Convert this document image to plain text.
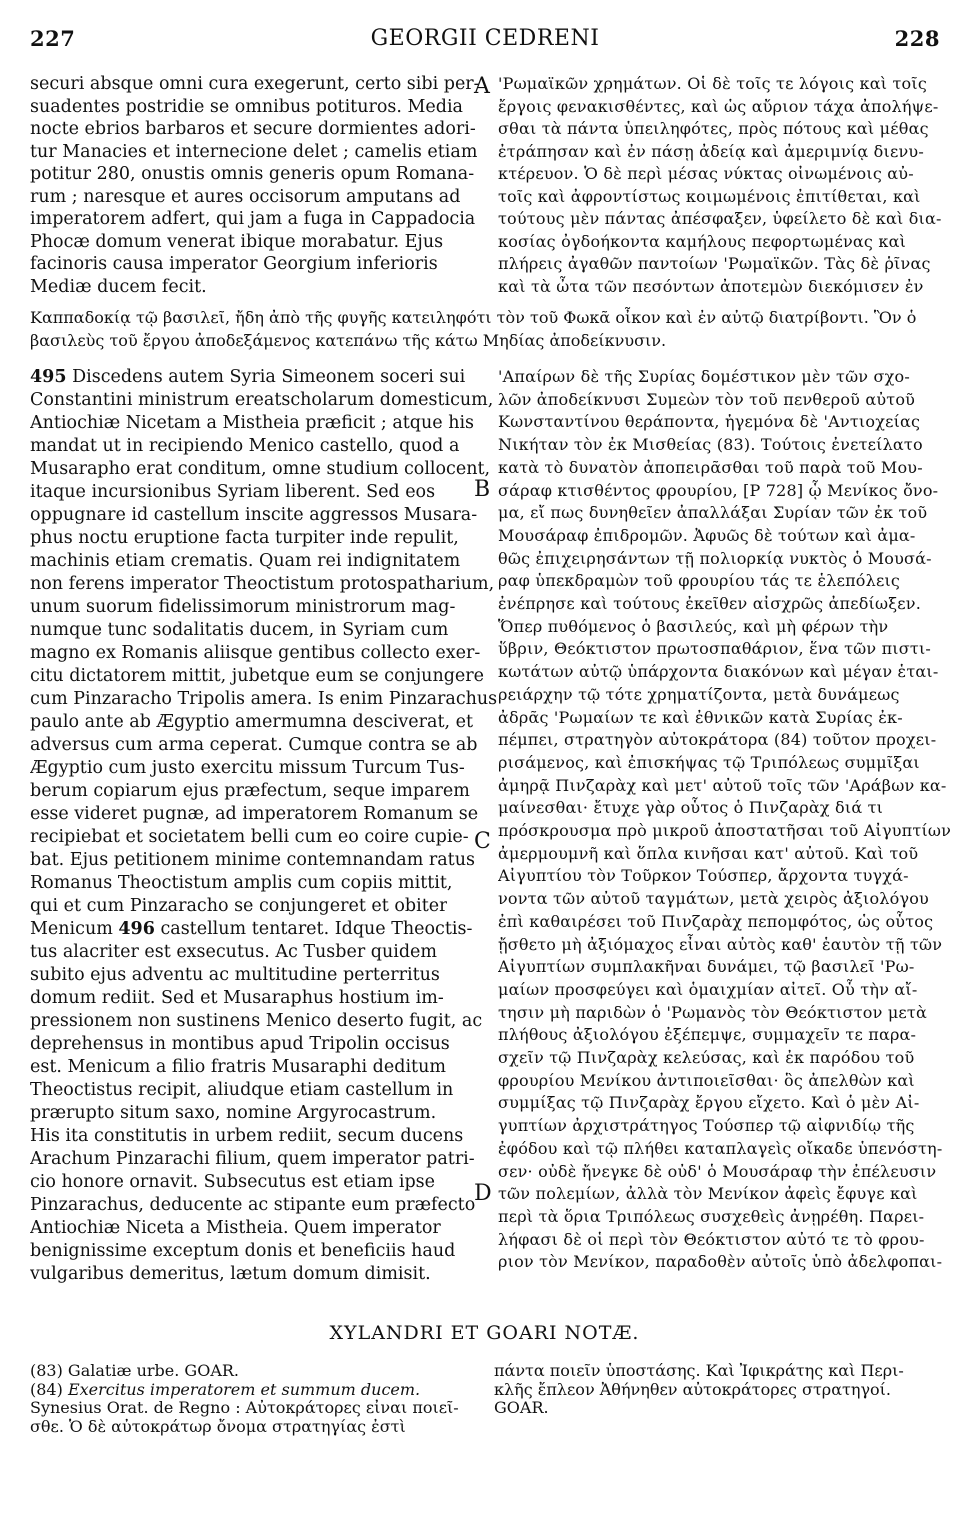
227	GEORGII CEDRENI	228
securi absque omni cura exegerunt, certo sibi per-
suadentes postridie se omnibus potituros. Media
nocte ebrios barbaros et secure dormientes adori-
tur Manacies et internecione delet ; camelis etiam
potitur 280, onustis omnis generis opum Romana-
rum ; naresque et aures occisorum amputans ad
imperatorem adfert, qui jam a fuga in Cappadocia
Phocæ domum venerat ibique morabatur. Ejus
facinoris causa imperator Georgium inferioris
Mediæ ducem fecit.
A 'Ρωμαϊκῶν χρημάτων. Οἱ δὲ τοῖς τε λόγοις καὶ τοῖς
ἔργοις φενακισθέντες, καὶ ὡς αὔριον τάχα ἀπολήψε-
σθαι τὰ πάντα ὑπειληφότες, πρὸς πότους καὶ μέθας
ἐτράπησαν καὶ ἐν πάσῃ ἀδείᾳ καὶ ἀμεριμνίᾳ διενυ-
κτέρευον. Ὁ δὲ περὶ μέσας νύκτας οἰνωμένοις αὐ-
τοῖς καὶ ἀφροντίστως κοιμωμένοις ἐπιτίθεται, καὶ
τούτους μὲν πάντας ἀπέσφαξεν, ὑφείλετο δὲ καὶ δια-
κοσίας ὀγδοήκοντα καμήλους πεφορτωμένας καὶ
πλήρεις ἀγαθῶν παντοίων 'Ρωμαϊκῶν. Τὰς δὲ ῥῖνας
καὶ τὰ ὦτα τῶν πεσόντων ἀποτεμὼν διεκόμισεν ἐν
Καππαδοκίᾳ τῷ βασιλεῖ, ἤδη ἀπὸ τῆς φυγῆς κατειληφότι τὸν τοῦ Φωκᾶ οἶκον καὶ ἐν αὐτῷ διατρίβοντι. Ὃν ὁ
βασιλεὺς τοῦ ἔργου ἀποδεξάμενος κατεπάνω τῆς κάτω Μηδίας ἀποδείκνυσιν.
495 Discedens autem Syria Simeonem soceri sui
Constantini ministrum ereatscholarum domesticum,
Antiochiæ Nicetam a Mistheia præficit ; atque his
mandat ut in recipiendo Menico castello, quod a
Musarapho erat conditum, omne studium collocent,
itaque incursionibus Syriam liberent. Sed eos
oppugnare id castellum inscite aggressos Musara-
phus noctu eruptione facta turpiter inde repulit,
machinis etiam crematis. Quam rei indignitatem
non ferens imperator Theoctistum protospatharium,
unum suorum fidelissimorum ministrorum mag-
numque tunc sodalitatis ducem, in Syriam cum
magno ex Romanis aliisque gentibus collecto exer-
citu dictatorem mittit, jubetque eum se conjungere
cum Pinzaracho Tripolis amera. Is enim Pinzarachus
paulo ante ab Ægyptio amermumna desciverat, et
adversus cum arma ceperat. Cumque contra se ab
Ægyptio cum justo exercitu missum Turcum Tus-
berum copiarum ejus præfectum, seque imparem
esse videret pugnæ, ad imperatorem Romanum se
recipiebat et societatem belli cum eo coire cupie-
bat. Ejus petitionem minime contemnandam ratus
Romanus Theoctistum amplis cum copiis mittit,
qui et cum Pinzaracho se conjungeret et obiter
Menicum 496 castellum tentaret. Idque Theoctis-
tus alacriter est exsecutus. Ac Tusber quidem
subito ejus adventu ac multitudine perterritus
domum rediit. Sed et Musaraphus hostium im-
pressionem non sustinens Menico deserto fugit, ac
deprehensus in montibus apud Tripolin occisus
est. Menicum a filio fratris Musaraphi deditum
Theoctistus recipit, aliudque etiam castellum in
prærupto situm saxo, nomine Argyrocastrum.
His ita constitutis in urbem rediit, secum ducens
Arachum Pinzarachi filium, quem imperator patri-
cio honore ornavit. Subsecutus est etiam ipse
Pinzarachus, deducente ac stipante eum præfecto
Antiochiæ Niceta a Mistheia. Quem imperator
benignissime exceptum donis et beneficiis haud
vulgaribus demeritus, lætum domum dimisit.
B
C
D
'Απαίρων δὲ τῆς Συρίας δομέστικον μὲν τῶν σχο-
λῶν ἀποδείκνυσι Συμεὼν τὸν τοῦ πενθεροῦ αὐτοῦ
Κωνσταντίνου θεράποντα, ἡγεμόνα δὲ 'Αντιοχείας
Νικήταν τὸν ἐκ Μισθείας (83). Τούτοις ἐνετείλατο
κατὰ τὸ δυνατὸν ἀποπειρᾶσθαι τοῦ παρὰ τοῦ Μου-
σάραφ κτισθέντος φρουρίου, [P 728] ᾧ Μενίκος ὄνο-
μα, εἴ πως δυνηθεῖεν ἀπαλλάξαι Συρίαν τῶν ἐκ τοῦ
Μουσάραφ ἐπιδρομῶν. Ἀφυῶς δὲ τούτων καὶ ἀμα-
θῶς ἐπιχειρησάντων τῇ πολιορκίᾳ νυκτὸς ὁ Μουσά-
ραφ ὑπεκδραμὼν τοῦ φρουρίου τάς τε ἑλεπόλεις
ἐνέπρησε καὶ τούτους ἐκεῖθεν αἰσχρῶς ἀπεδίωξεν.
Ὅπερ πυθόμενος ὁ βασιλεύς, καὶ μὴ φέρων τὴν
ὕβριν, Θεόκτιστον πρωτοσπαθάριον, ἕνα τῶν πιστι-
κωτάτων αὐτῷ ὑπάρχοντα διακόνων καὶ μέγαν ἑται-
ρειάρχην τῷ τότε χρηματίζοντα, μετὰ δυνάμεως
ἀδρᾶς 'Ρωμαίων τε καὶ ἐθνικῶν κατὰ Συρίας ἐκ-
πέμπει, στρατηγὸν αὐτοκράτορα (84) τοῦτον προχει-
ρισάμενος, καὶ ἐπισκήψας τῷ Τριπόλεως συμμῖξαι
ἀμηρᾷ Πινζαρὰχ καὶ μετ' αὐτοῦ τοῖς τῶν 'Αράβων κα-
μαίνεσθαι· ἔτυχε γὰρ οὗτος ὁ Πινζαρὰχ διά τι
πρόσκρουσμα πρὸ μικροῦ ἀποστατῆσαι τοῦ Αἰγυπτίων
ἀμερμουμνῆ καὶ ὅπλα κινῆσαι κατ' αὐτοῦ. Καὶ τοῦ
Αἰγυπτίου τὸν Τοῦρκον Τούσπερ, ἄρχοντα τυγχά-
νοντα τῶν αὐτοῦ ταγμάτων, μετὰ χειρὸς ἀξιολόγου
ἐπὶ καθαιρέσει τοῦ Πινζαρὰχ πεπομφότος, ὡς οὗτος
ᾔσθετο μὴ ἀξιόμαχος εἶναι αὐτὸς καθ' ἑαυτὸν τῇ τῶν
Αἰγυπτίων συμπλακῆναι δυνάμει, τῷ βασιλεῖ 'Ρω-
μαίων προσφεύγει καὶ ὁμαιχμίαν αἰτεῖ. Οὗ τὴν αἴ-
τησιν μὴ παριδὼν ὁ 'Ρωμανὸς τὸν Θεόκτιστον μετὰ
πλήθους ἀξιολόγου ἐξέπεμψε, συμμαχεῖν τε παρα-
σχεῖν τῷ Πινζαρὰχ κελεύσας, καὶ ἐκ παρόδου τοῦ
φρουρίου Μενίκου ἀντιποιεῖσθαι· ὃς ἀπελθὼν καὶ
συμμίξας τῷ Πινζαρὰχ ἔργου εἴχετο. Καὶ ὁ μὲν Αἰ-
γυπτίων ἀρχιστράτηγος Τούσπερ τῷ αἰφνιδίῳ τῆς
ἐφόδου καὶ τῷ πλήθει καταπλαγεὶς οἴκαδε ὑπενόστη-
σεν· οὐδὲ ἤνεγκε δὲ οὐδ' ὁ Μουσάραφ τὴν ἐπέλευσιν
τῶν πολεμίων, ἀλλὰ τὸν Μενίκον ἀφεὶς ἔφυγε καὶ
περὶ τὰ ὅρια Τριπόλεως συσχεθεὶς ἀνῃρέθη. Παρει-
λήφασι δὲ οἱ περὶ τὸν Θεόκτιστον αὐτό τε τὸ φρου-
ριον τὸν Μενίκον, παραδοθὲν αὐτοῖς ὑπὸ ἀδελφοπαι-
XYLANDRI ET GOARI NOTÆ.
(83) Galatiæ urbe. GOAR.
(84) Exercitus imperatorem et summum ducem.
Synesius Orat. de Regno : Αὐτοκράτορες εἶναι ποιεῖ-
σθε. Ὁ δὲ αὐτοκράτωρ ὄνομα στρατηγίας ἐστὶ
πάντα ποιεῖν ὑποστάσης. Καὶ Ἰφικράτης καὶ Περι-
κλῆς ἔπλεον Ἀθήνηθεν αὐτοκράτορες στρατηγοί.
GOAR.
